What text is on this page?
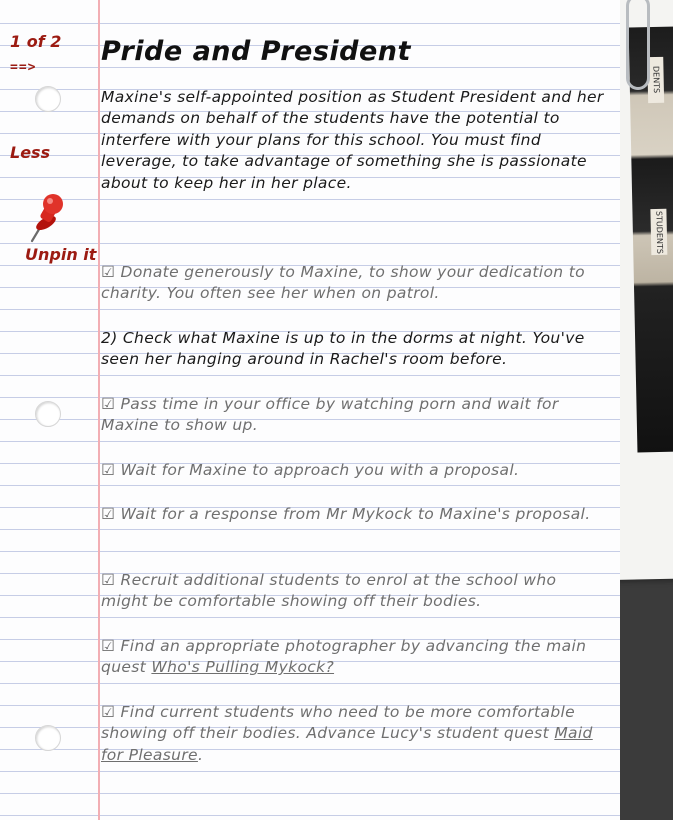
DENTS
STUDENTS
1 of 2
==>
Less
Unpin it
Pride and President

Maxine's self-appointed position as Student President and her demands on behalf of the students have the potential to interfere with your plans for this school. You must find leverage, to take advantage of something she is passionate about to keep her in her place.

☑ Donate generously to Maxine, to show your dedication to charity. You often see her when on patrol.

2) Check what Maxine is up to in the dorms at night. You've seen her hanging around in Rachel's room before.

☑ Pass time in your office by watching porn and wait for Maxine to show up.

☑ Wait for Maxine to approach you with a proposal.

☑ Wait for a response from Mr Mykock to Maxine's proposal.

☑ Recruit additional students to enrol at the school who might be comfortable showing off their bodies.

☑ Find an appropriate photographer by advancing the main quest Who's Pulling Mykock?

☑ Find current students who need to be more comfortable showing off their bodies. Advance Lucy's student quest Maid for Pleasure.
